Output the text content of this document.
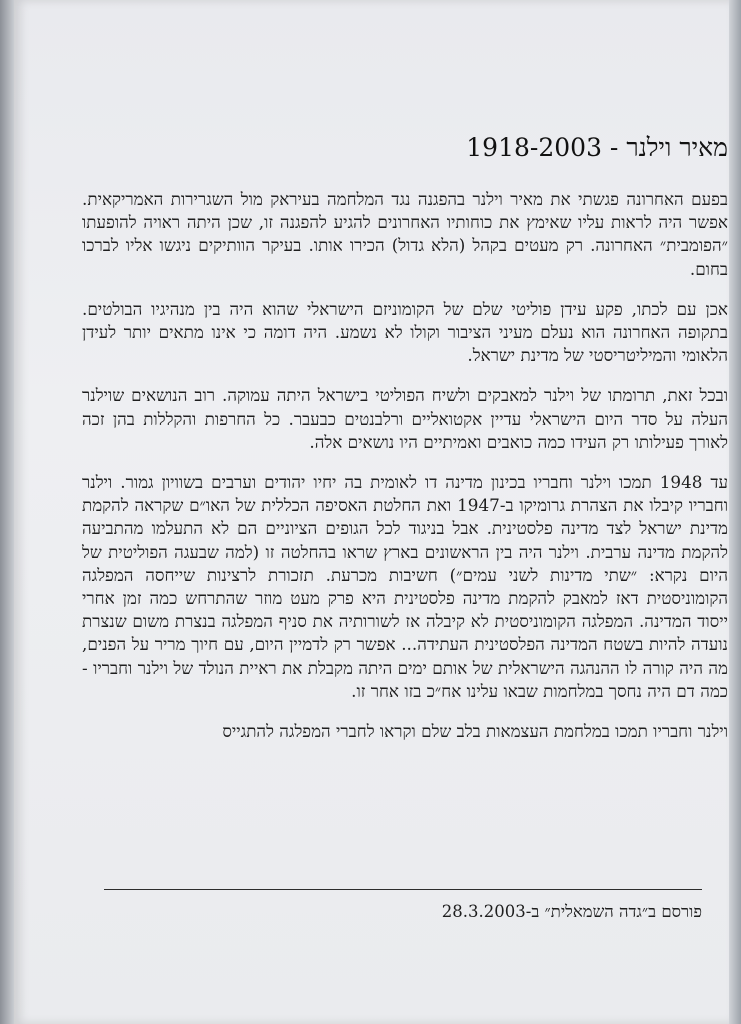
מאיר וילנר - 1918-2003

בפעם האחרונה פגשתי את מאיר וילנר בהפגנה נגד המלחמה בעיראק מול השגרירות האמריקאית. אפשר היה לראות עליו שאימץ את כוחותיו האחרונים להגיע להפגנה זו, שכן היתה ראויה להופעתו ״הפומבית״ האחרונה. רק מעטים בקהל (הלא גדול) הכירו אותו. בעיקר הוותיקים ניגשו אליו לברכו בחום.

אכן עם לכתו, פקע עידן פוליטי שלם של הקומוניזם הישראלי שהוא היה בין מנהיגיו הבולטים. בתקופה האחרונה הוא נעלם מעיני הציבור וקולו לא נשמע. היה דומה כי אינו מתאים יותר לעידן הלאומי והמיליטריסטי של מדינת ישראל.

ובכל זאת, תרומתו של וילנר למאבקים ולשיח הפוליטי בישראל היתה עמוקה. רוב הנושאים שוילנר העלה על סדר היום הישראלי עדיין אקטואליים ורלבנטים כבעבר. כל החרפות והקללות בהן זכה לאורך פעילותו רק העידו כמה כואבים ואמיתיים היו נושאים אלה.

עד 1948 תמכו וילנר וחבריו בכינון מדינה דו לאומית בה יחיו יהודים וערבים בשוויון גמור. וילנר וחבריו קיבלו את הצהרת גרומיקו ב-1947 ואת החלטת האסיפה הכללית של האו״ם שקראה להקמת מדינת ישראל לצד מדינה פלסטינית. אבל בניגוד לכל הגופים הציוניים הם לא התעלמו מהתביעה להקמת מדינה ערבית. וילנר היה בין הראשונים בארץ שראו בהחלטה זו (למה שבעגה הפוליטית של היום נקרא: ״שתי מדינות לשני עמים״) חשיבות מכרעת. תזכורת לרצינות שייחסה המפלגה הקומוניסטית דאז למאבק להקמת מדינה פלסטינית היא פרק מעט מוזר שהתרחש כמה זמן אחרי ייסוד המדינה. המפלגה הקומוניסטית לא קיבלה אז לשורותיה את סניף המפלגה בנצרת משום שנצרת נועדה להיות בשטח המדינה הפלסטינית העתידה... אפשר רק לדמיין היום, עם חיוך מריר על הפנים, מה היה קורה לו ההנהגה הישראלית של אותם ימים היתה מקבלת את ראיית הנולד של וילנר וחבריו - כמה דם היה נחסך במלחמות שבאו עלינו אח״כ בזו אחר זו.

וילנר וחבריו תמכו במלחמת העצמאות בלב שלם וקראו לחברי המפלגה להתגייס

פורסם ב״גדה השמאלית״ ב-28.3.2003
